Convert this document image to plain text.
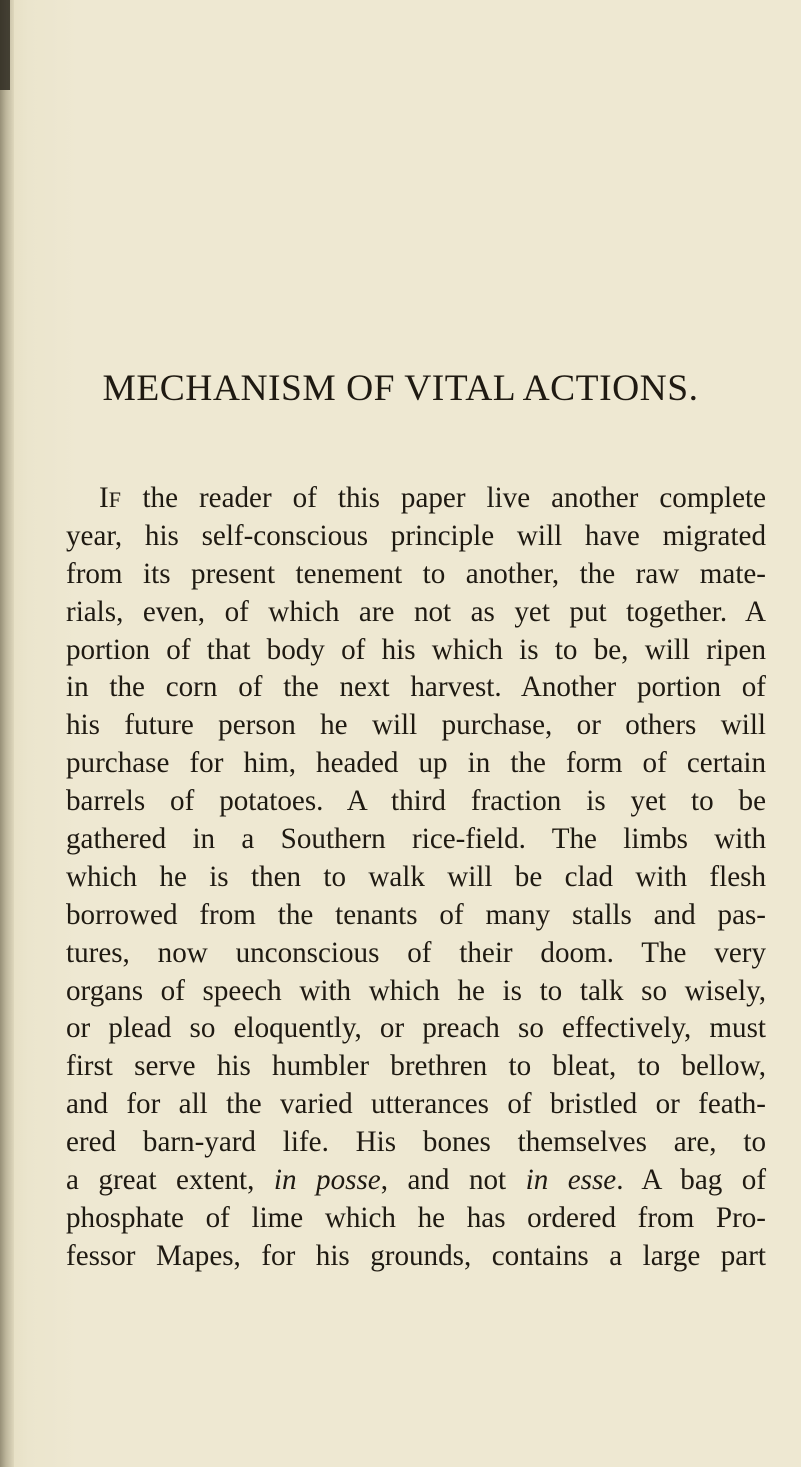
MECHANISM OF VITAL ACTIONS.
IF the reader of this paper live another complete
year, his self-conscious principle will have migrated
from its present tenement to another, the raw mate-
rials, even, of which are not as yet put together. A
portion of that body of his which is to be, will ripen
in the corn of the next harvest. Another portion of
his future person he will purchase, or others will
purchase for him, headed up in the form of certain
barrels of potatoes. A third fraction is yet to be
gathered in a Southern rice-field. The limbs with
which he is then to walk will be clad with flesh
borrowed from the tenants of many stalls and pas-
tures, now unconscious of their doom. The very
organs of speech with which he is to talk so wisely,
or plead so eloquently, or preach so effectively, must
first serve his humbler brethren to bleat, to bellow,
and for all the varied utterances of bristled or feath-
ered barn-yard life. His bones themselves are, to
a great extent, in posse, and not in esse. A bag of
phosphate of lime which he has ordered from Pro-
fessor Mapes, for his grounds, contains a large part
